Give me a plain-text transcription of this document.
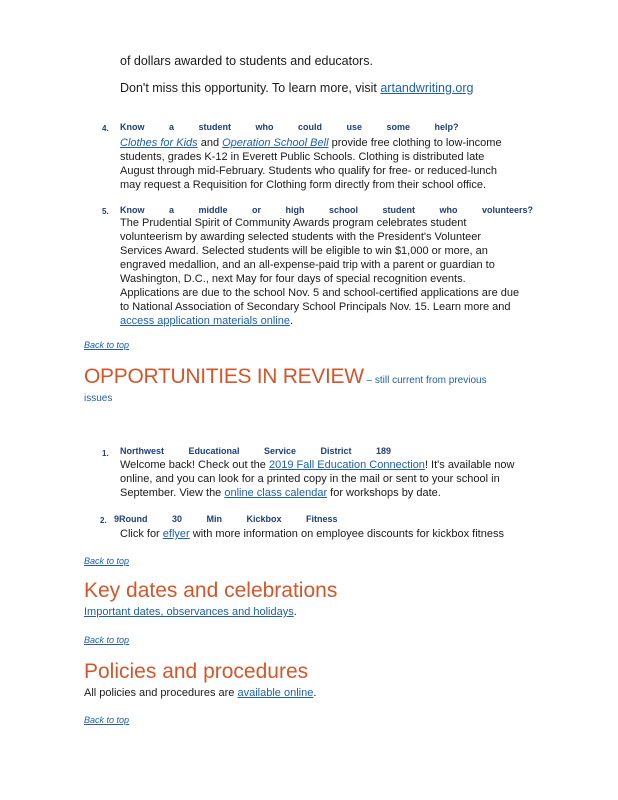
of dollars awarded to students and educators.

Don't miss this opportunity. To learn more, visit artandwriting.org

4. Know a student who could use some help?

Clothes for Kids and Operation School Bell provide free clothing to low-income
students, grades K-12 in Everett Public Schools. Clothing is distributed late
August through mid-February. Students who qualify for free- or reduced-lunch
may request a Requisition for Clothing form directly from their school office.
5. Know a middle or high school student who volunteers?

The Prudential Spirit of Community Awards program celebrates student
volunteerism by awarding selected students with the President's Volunteer
Services Award. Selected students will be eligible to win $1,000 or more, an
engraved medallion, and an all-expense-paid trip with a parent or guardian to
Washington, D.C., next May for four days of special recognition events.
Applications are due to the school Nov. 5 and school-certified applications are due
to National Association of Secondary School Principals Nov. 15. Learn more and
access application materials online.
Back to top
OPPORTUNITIES IN REVIEW – still current from previous
issues
1. Northwest Educational Service District 189

Welcome back! Check out the 2019 Fall Education Connection! It's available now
online, and you can look for a printed copy in the mail or sent to your school in
September. View the online class calendar for workshops by date.
2. 9Round 30 Min Kickbox Fitness

Click for eflyer with more information on employee discounts for kickbox fitness
Back to top
Key dates and celebrations
Important dates, observances and holidays.
Back to top
Policies and procedures
All policies and procedures are available online.
Back to top
